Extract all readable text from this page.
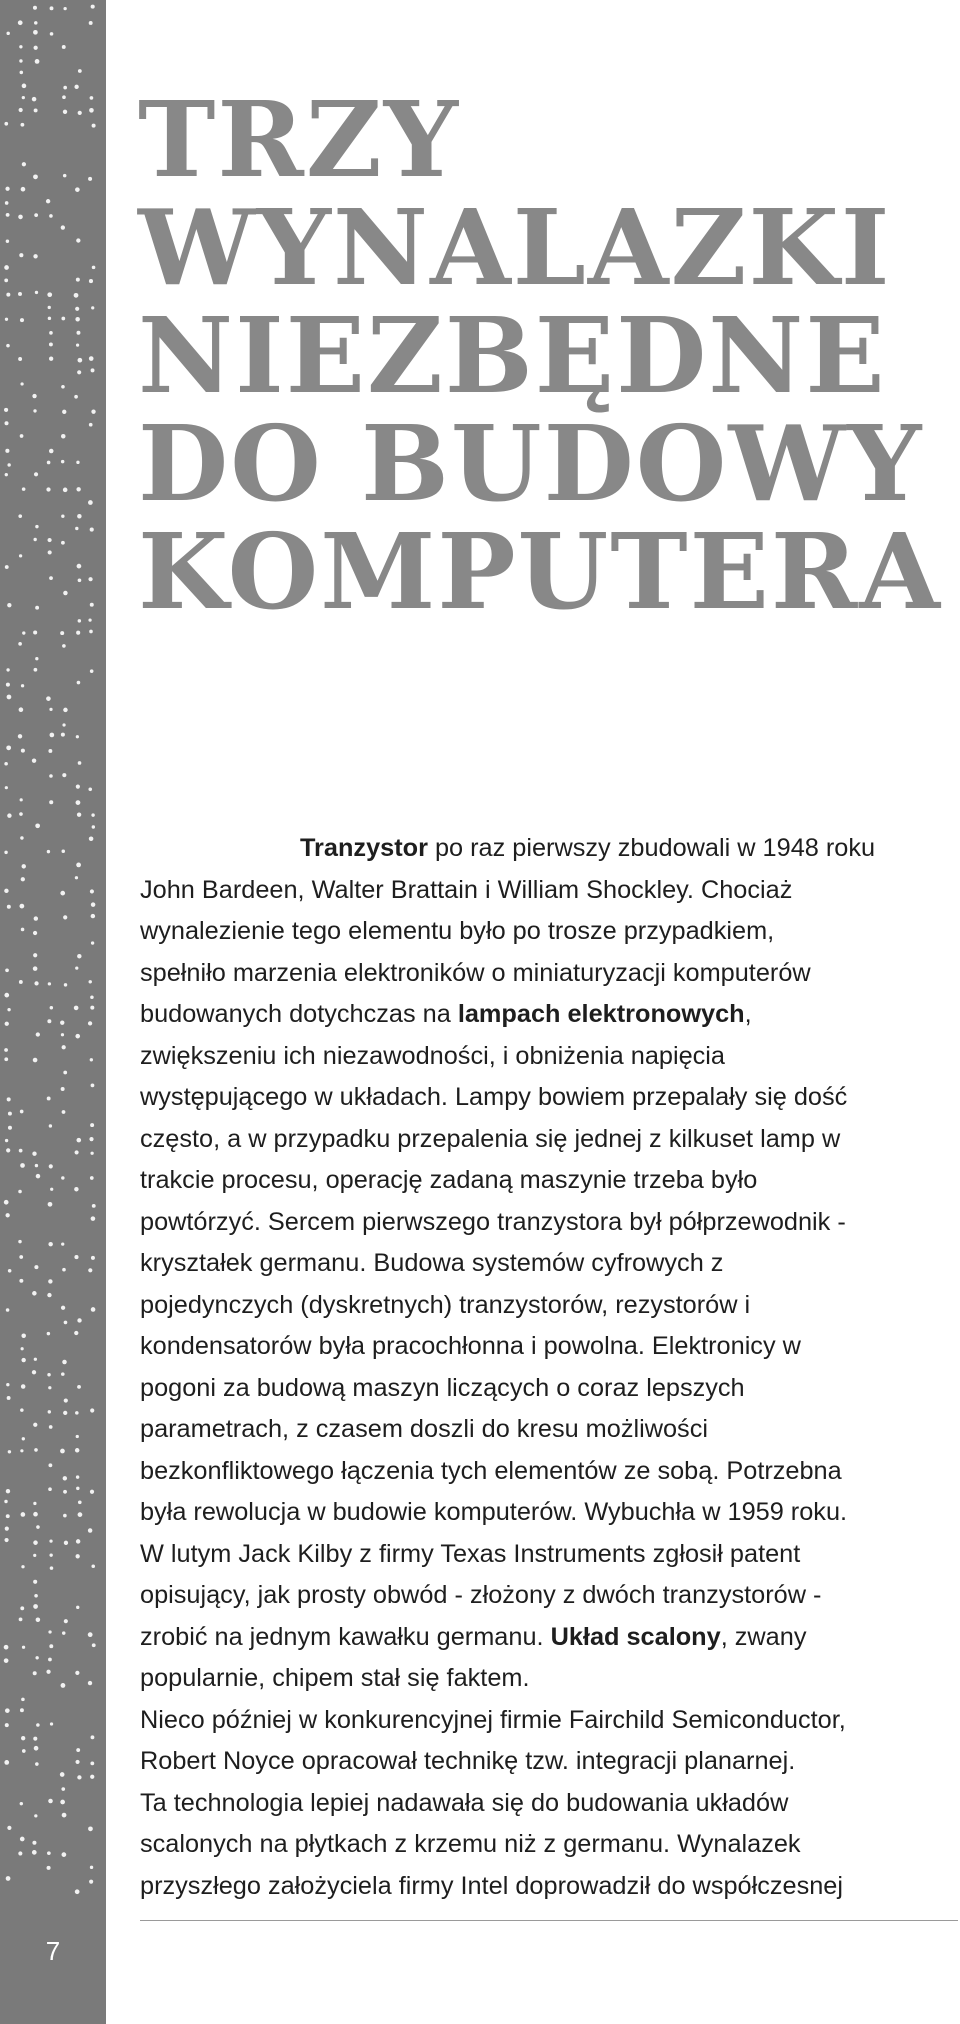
7
TRZY
WYNALAZKI
NIEZBĘDNE
DO BUDOWY
KOMPUTERA
Tranzystor po raz pierwszy zbudowali w 1948 roku
John Bardeen, Walter Brattain i William Shockley. Chociaż
wynalezienie tego elementu było po trosze przypadkiem,
spełniło marzenia elektroników o miniaturyzacji komputerów
budowanych dotychczas na lampach elektronowych,
zwiększeniu ich niezawodności, i obniżenia napięcia
występującego w układach. Lampy bowiem przepalały się dość
często, a w przypadku przepalenia się jednej z kilkuset lamp w
trakcie procesu, operację zadaną maszynie trzeba było
powtórzyć. Sercem pierwszego tranzystora był półprzewodnik -
kryształek germanu. Budowa systemów cyfrowych z
pojedynczych (dyskretnych) tranzystorów, rezystorów i
kondensatorów była pracochłonna i powolna. Elektronicy w
pogoni za budową maszyn liczących o coraz lepszych
parametrach, z czasem doszli do kresu możliwości
bezkonfliktowego łączenia tych elementów ze sobą. Potrzebna
była rewolucja w budowie komputerów. Wybuchła w 1959 roku.
W lutym Jack Kilby z firmy Texas Instruments zgłosił patent
opisujący, jak prosty obwód - złożony z dwóch tranzystorów -
zrobić na jednym kawałku germanu. Układ scalony, zwany
popularnie, chipem stał się faktem.
Nieco później w konkurencyjnej firmie Fairchild Semiconductor,
Robert Noyce opracował technikę tzw. integracji planarnej.
Ta technologia lepiej nadawała się do budowania układów
scalonych na płytkach z krzemu niż z germanu. Wynalazek
przyszłego założyciela firmy Intel doprowadził do współczesnej
